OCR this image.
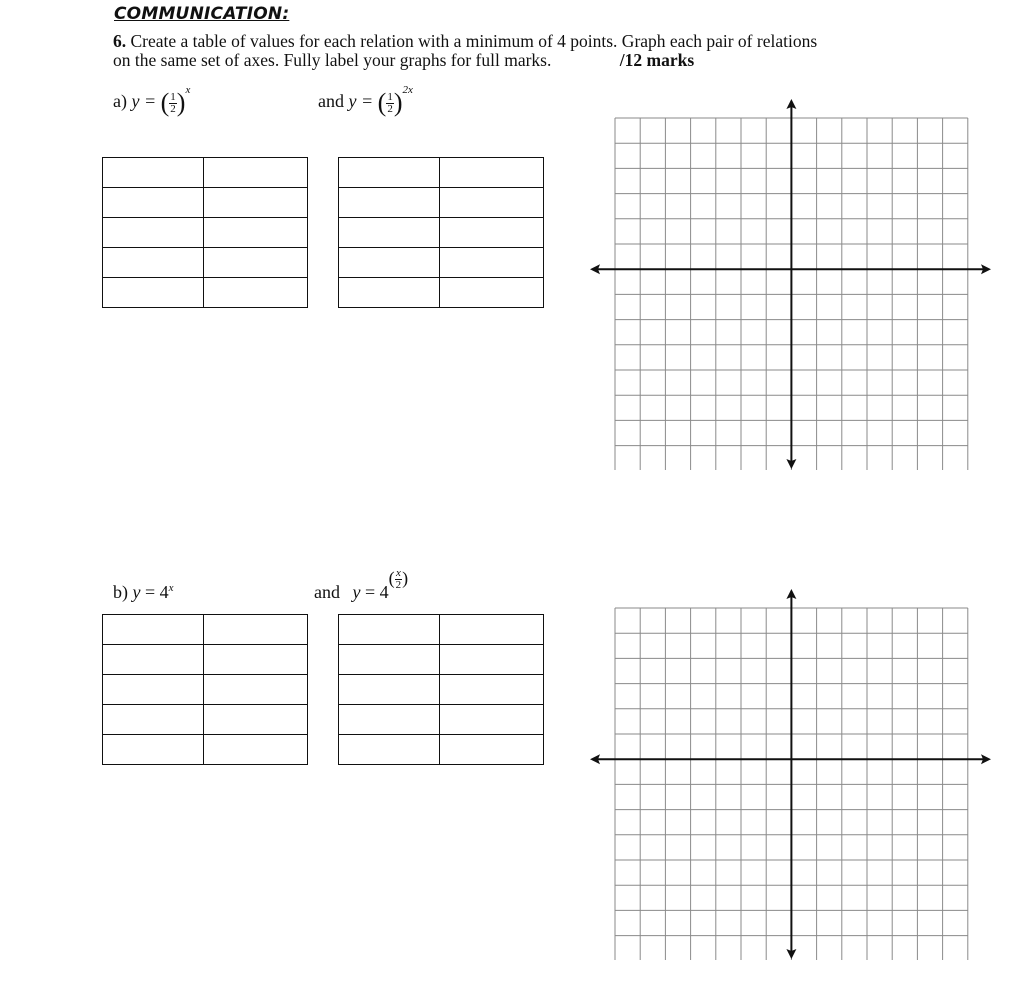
COMMUNICATION:
6. Create a table of values for each relation with a minimum of 4 points. Graph each pair of relations
on the same set of axes. Fully label your graphs for full marks.	/12 marks
a) y = ( $\frac{1}{2} )^x$
and y = ( $\frac{1}{2} )^{2x}$
b) $y = 4^x$	and $y = 4( \frac{x}{2}$ )
